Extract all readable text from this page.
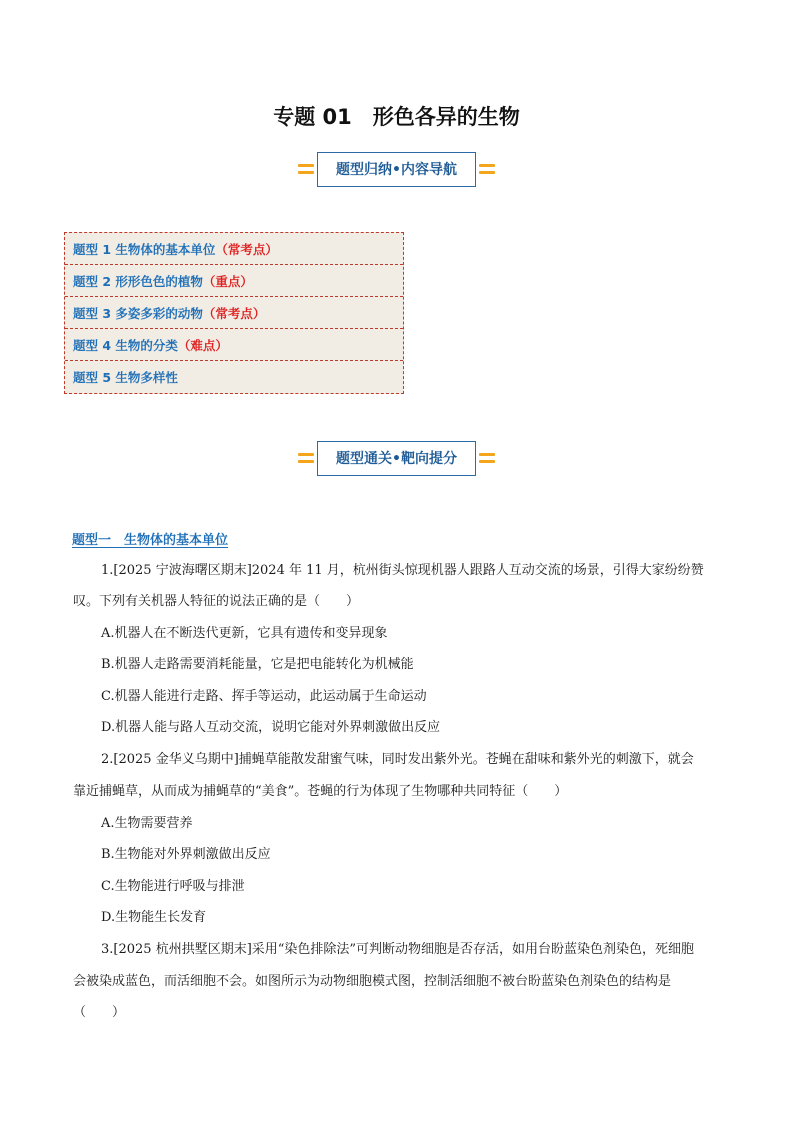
专题 01　形色各异的生物
题型归纳•内容导航
题型 1 生物体的基本单位 （常考点）
题型 2 形形色色的植物 （重点）
题型 3 多姿多彩的动物 （常考点）
题型 4 生物的分类 （难点）
题型 5 生物多样性
题型通关•靶向提分
题型一　生物体的基本单位
1.[2025 宁波海曙区期末]2024 年 11 月，杭州街头惊现机器人跟路人互动交流的场景，引得大家纷纷赞
叹。下列有关机器人特征的说法正确的是（　　）
A.机器人在不断迭代更新，它具有遗传和变异现象
B.机器人走路需要消耗能量，它是把电能转化为机械能
C.机器人能进行走路、挥手等运动，此运动属于生命运动
D.机器人能与路人互动交流，说明它能对外界刺激做出反应
2.[2025 金华义乌期中]捕蝇草能散发甜蜜气味，同时发出紫外光。苍蝇在甜味和紫外光的刺激下，就会
靠近捕蝇草，从而成为捕蝇草的“美食”。苍蝇的行为体现了生物哪种共同特征（　　）
A.生物需要营养
B.生物能对外界刺激做出反应
C.生物能进行呼吸与排泄
D.生物能生长发育
3.[2025 杭州拱墅区期末]采用“染色排除法”可判断动物细胞是否存活，如用台盼蓝染色剂染色，死细胞
会被染成蓝色，而活细胞不会。如图所示为动物细胞模式图，控制活细胞不被台盼蓝染色剂染色的结构是
（　　）
